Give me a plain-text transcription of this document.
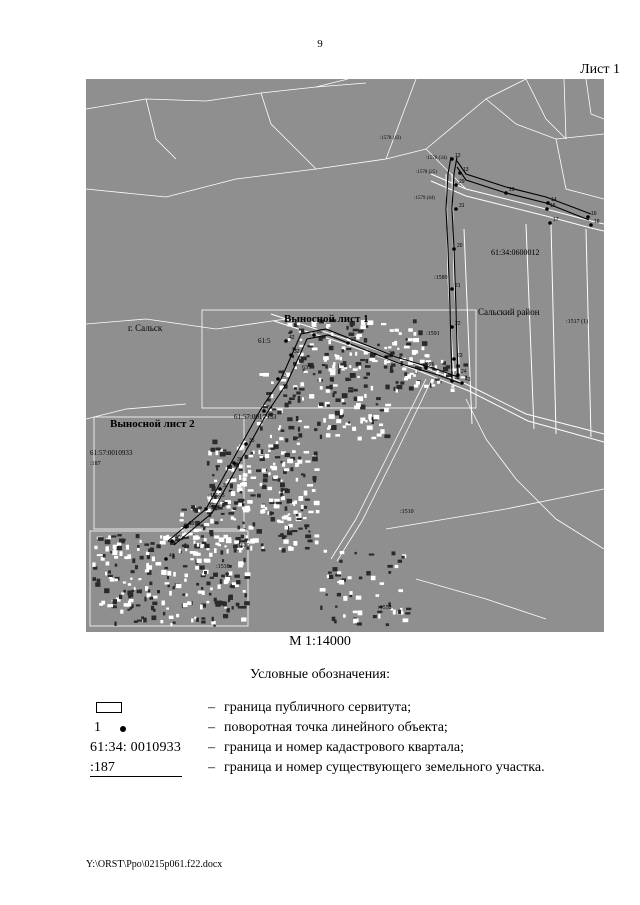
9
Лист 1
12
13
29
19
31
14
15
16
17	18
20
21
22
23
24
25
26
27
28
30
32
33
34
35
36
37
38
39
40
41
42
43
Выносной лист 1
Выносной лист 2
г. Сальск
Сальский район
61:34:0600012
61:57:0010933
61:57:0010933
61:5
:187
:1538
:1589
:1591
:1517 (1)
:1510
:1552
:1579 (44)
:1578 (25)
:1578 (34)
:1578 (43)
637
:1630
:10953
М 1:14000
Условные обозначения:
– граница публичного сервитута;
1	– поворотная точка линейного объекта;
61:34: 0010933 – граница и номер кадастрового квартала;
:187	– граница и номер существующего земельного участка.
Y:\ORST\Ppo\0215p061.f22.docx
